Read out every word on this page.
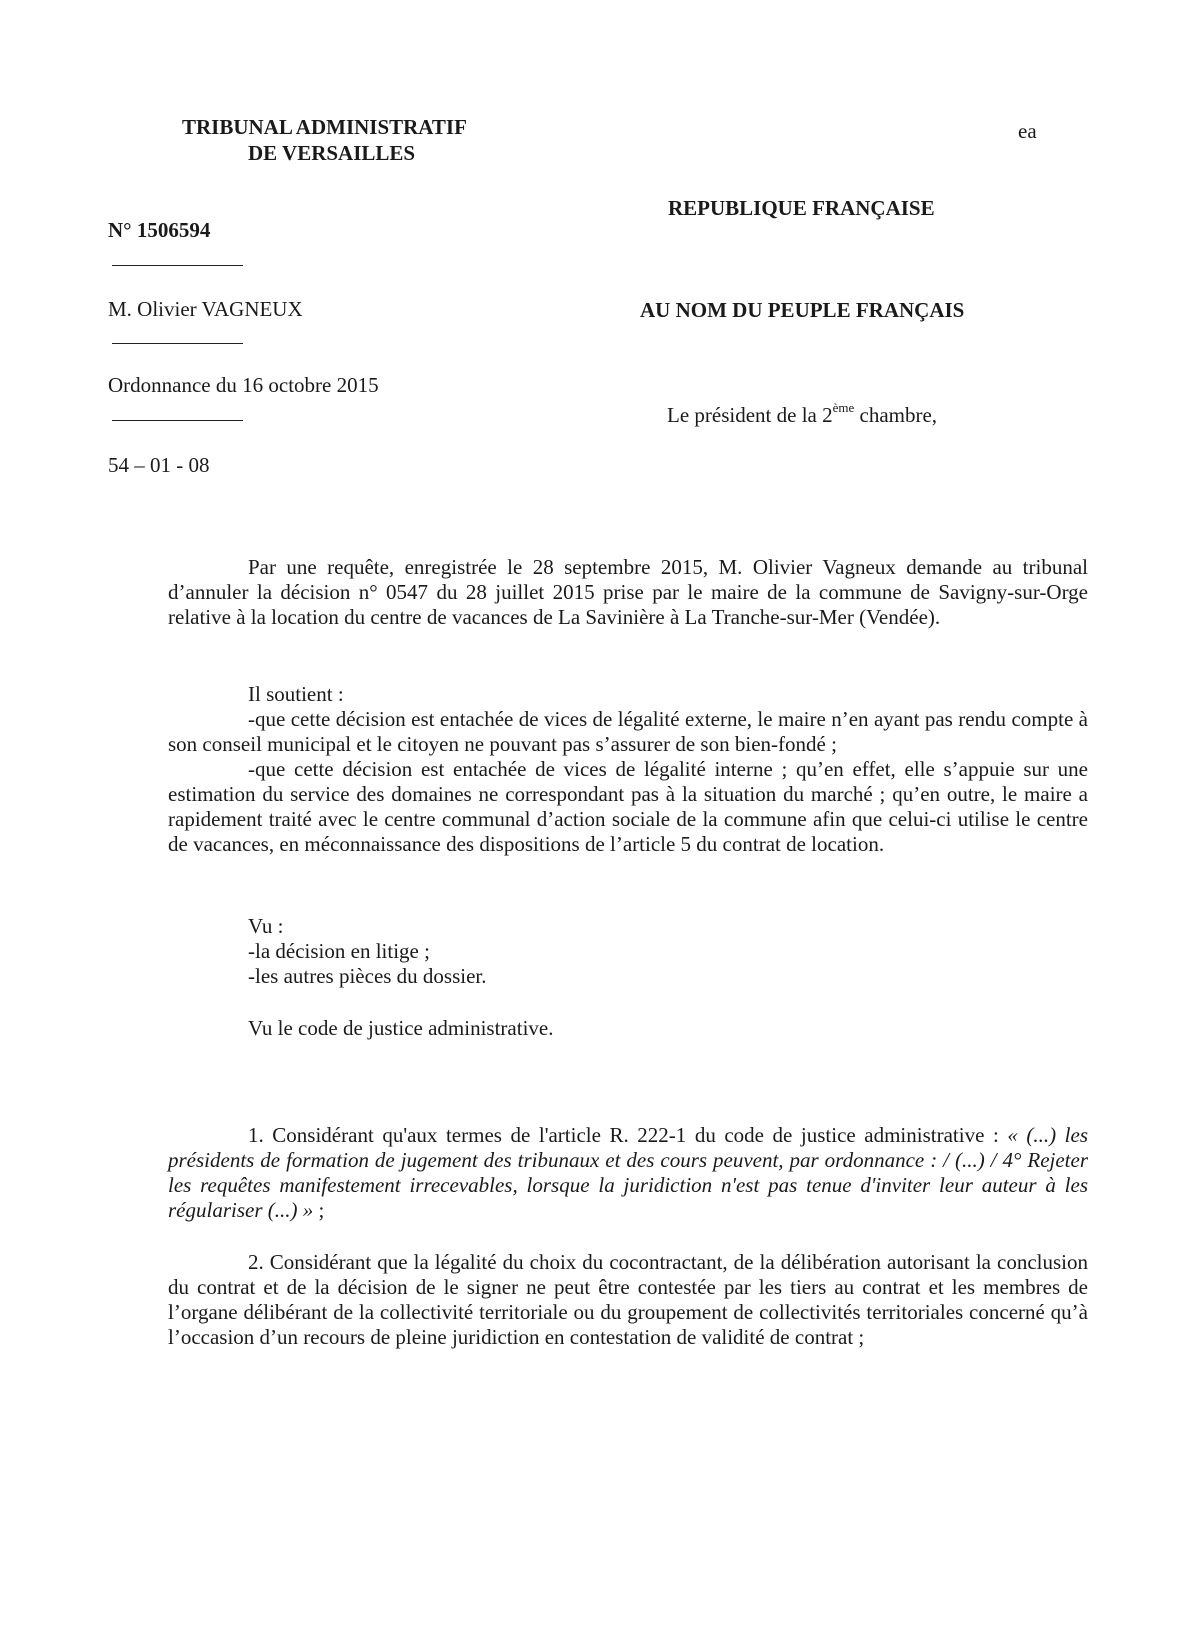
TRIBUNAL ADMINISTRATIF
DE VERSAILLES
ea
N° 1506594
REPUBLIQUE FRANÇAISE
M. Olivier VAGNEUX	AU NOM DU PEUPLE FRANÇAIS
Ordonnance du 16 octobre 2015
Le président de la 2ème chambre,
54 – 01 - 08

Par une requête, enregistrée le 28 septembre 2015, M. Olivier Vagneux demande au tribunal d’annuler la décision n° 0547 du 28 juillet 2015 prise par le maire de la commune de Savigny-sur-Orge relative à la location du centre de vacances de La Savinière à La Tranche-sur-Mer (Vendée).

Il soutient :

-que cette décision est entachée de vices de légalité externe, le maire n’en ayant pas rendu compte à son conseil municipal et le citoyen ne pouvant pas s’assurer de son bien-fondé ;

-que cette décision est entachée de vices de légalité interne ; qu’en effet, elle s’appuie sur une estimation du service des domaines ne correspondant pas à la situation du marché ; qu’en outre, le maire a rapidement traité avec le centre communal d’action sociale de la commune afin que celui-ci utilise le centre de vacances, en méconnaissance des dispositions de l’article 5 du contrat de location.

Vu :

-la décision en litige ;

-les autres pièces du dossier.

Vu le code de justice administrative.

1. Considérant qu'aux termes de l'article R. 222-1 du code de justice administrative : « (...) les présidents de formation de jugement des tribunaux et des cours peuvent, par ordonnance : / (...) / 4° Rejeter les requêtes manifestement irrecevables, lorsque la juridiction n'est pas tenue d'inviter leur auteur à les régulariser (...) » ;

2. Considérant que la légalité du choix du cocontractant, de la délibération autorisant la conclusion du contrat et de la décision de le signer ne peut être contestée par les tiers au contrat et les membres de l’organe délibérant de la collectivité territoriale ou du groupement de collectivités territoriales concerné qu’à l’occasion d’un recours de pleine juridiction en contestation de validité de contrat ;
